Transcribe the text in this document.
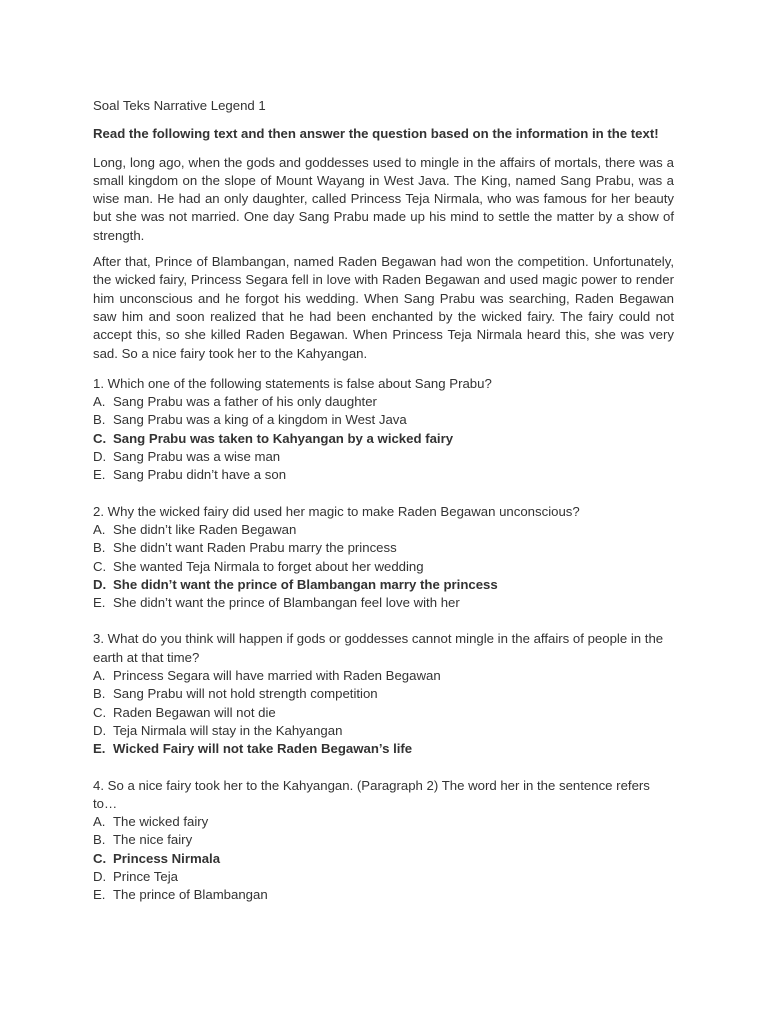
Soal Teks Narrative Legend 1

Read the following text and then answer the question based on the information in the text!

Long, long ago, when the gods and goddesses used to mingle in the affairs of mortals, there was a small kingdom on the slope of Mount Wayang in West Java. The King, named Sang Prabu, was a wise man. He had an only daughter, called Princess Teja Nirmala, who was famous for her beauty but she was not married. One day Sang Prabu made up his mind to settle the matter by a show of strength.

After that, Prince of Blambangan, named Raden Begawan had won the competition. Unfortunately, the wicked fairy, Princess Segara fell in love with Raden Begawan and used magic power to render him unconscious and he forgot his wedding. When Sang Prabu was searching, Raden Begawan saw him and soon realized that he had been enchanted by the wicked fairy. The fairy could not accept this, so she killed Raden Begawan. When Princess Teja Nirmala heard this, she was very sad. So a nice fairy took her to the Kahyangan.

1. Which one of the following statements is false about Sang Prabu?

A. Sang Prabu was a father of his only daughter

B. Sang Prabu was a king of a kingdom in West Java

C. Sang Prabu was taken to Kahyangan by a wicked fairy

D. Sang Prabu was a wise man

E. Sang Prabu didn’t have a son

2. Why the wicked fairy did used her magic to make Raden Begawan unconscious?

A. She didn’t like Raden Begawan

B. She didn’t want Raden Prabu marry the princess

C. She wanted Teja Nirmala to forget about her wedding

D. She didn’t want the prince of Blambangan marry the princess

E. She didn’t want the prince of Blambangan feel love with her

3. What do you think will happen if gods or goddesses cannot mingle in the affairs of people in the earth at that time?

A. Princess Segara will have married with Raden Begawan

B. Sang Prabu will not hold strength competition

C. Raden Begawan will not die

D. Teja Nirmala will stay in the Kahyangan

E. Wicked Fairy will not take Raden Begawan’s life

4. So a nice fairy took her to the Kahyangan. (Paragraph 2) The word her in the sentence refers to…

A. The wicked fairy

B. The nice fairy

C. Princess Nirmala

D. Prince Teja

E. The prince of Blambangan
